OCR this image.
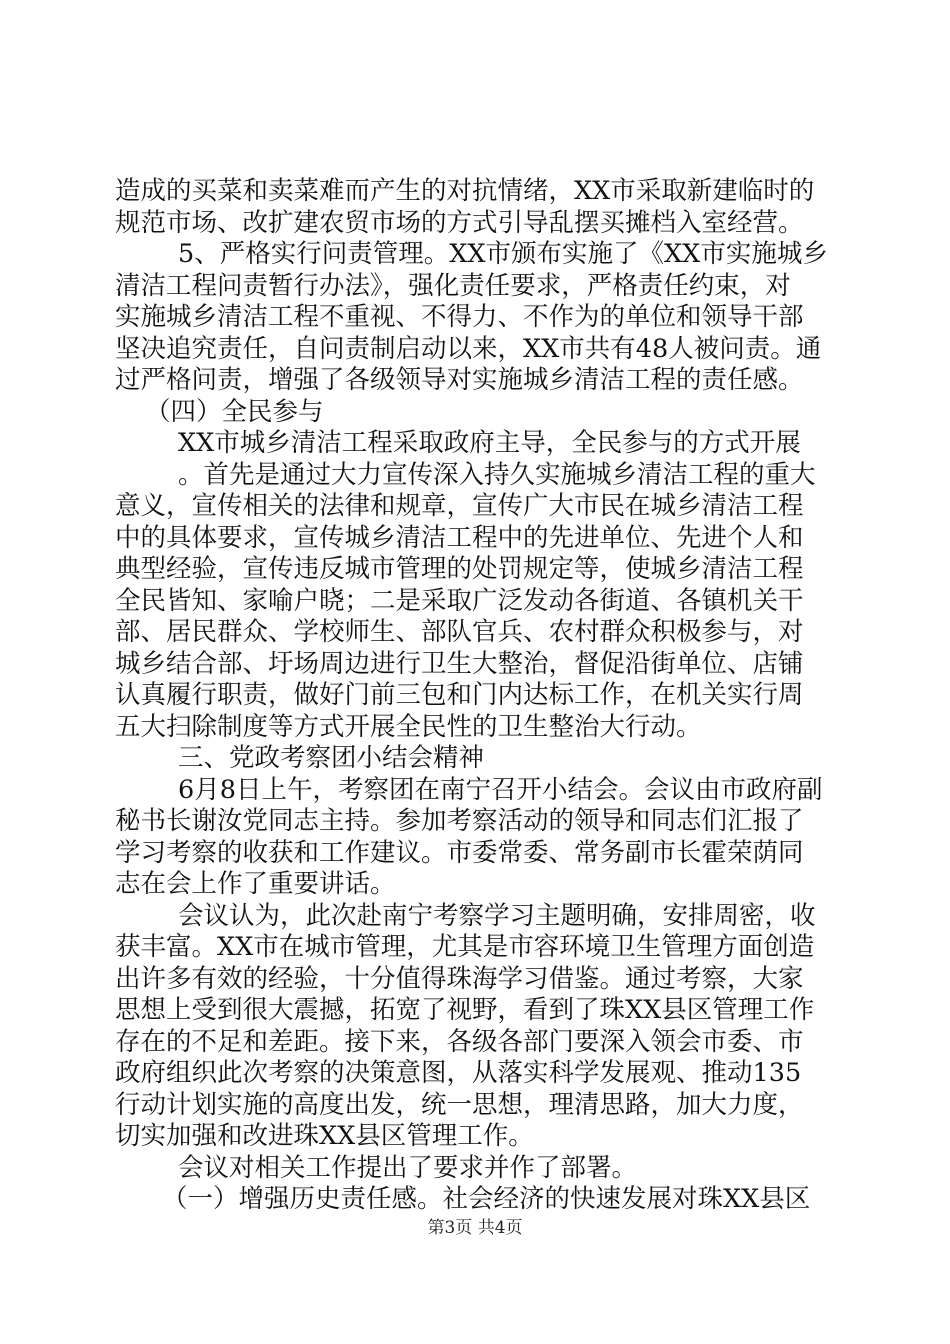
造成的买菜和卖菜难而产生的对抗情绪，XX市采取新建临时的
规范市场、改扩建农贸市场的方式引导乱摆买摊档入室经营。
5、严格实行问责管理。XX市颁布实施了《XX市实施城乡
清洁工程问责暂行办法》，强化责任要求，严格责任约束，对
实施城乡清洁工程不重视、不得力、不作为的单位和领导干部
坚决追究责任，自问责制启动以来，XX市共有48人被问责。通
过严格问责，增强了各级领导对实施城乡清洁工程的责任感。
（四）全民参与
XX市城乡清洁工程采取政府主导，全民参与的方式开展
。首先是通过大力宣传深入持久实施城乡清洁工程的重大
意义，宣传相关的法律和规章，宣传广大市民在城乡清洁工程
中的具体要求，宣传城乡清洁工程中的先进单位、先进个人和
典型经验，宣传违反城市管理的处罚规定等，使城乡清洁工程
全民皆知、家喻户晓；二是采取广泛发动各街道、各镇机关干
部、居民群众、学校师生、部队官兵、农村群众积极参与，对
城乡结合部、圩场周边进行卫生大整治，督促沿街单位、店铺
认真履行职责，做好门前三包和门内达标工作，在机关实行周
五大扫除制度等方式开展全民性的卫生整治大行动。
三、党政考察团小结会精神
6月8日上午，考察团在南宁召开小结会。会议由市政府副
秘书长谢汝党同志主持。参加考察活动的领导和同志们汇报了
学习考察的收获和工作建议。市委常委、常务副市长霍荣荫同
志在会上作了重要讲话。
会议认为，此次赴南宁考察学习主题明确，安排周密，收
获丰富。XX市在城市管理，尤其是市容环境卫生管理方面创造
出许多有效的经验，十分值得珠海学习借鉴。通过考察，大家
思想上受到很大震撼，拓宽了视野，看到了珠XX县区管理工作
存在的不足和差距。接下来，各级各部门要深入领会市委、市
政府组织此次考察的决策意图，从落实科学发展观、推动135
行动计划实施的高度出发，统一思想，理清思路，加大力度，
切实加强和改进珠XX县区管理工作。
会议对相关工作提出了要求并作了部署。
（一）增强历史责任感。社会经济的快速发展对珠XX县区
第3页 共4页
